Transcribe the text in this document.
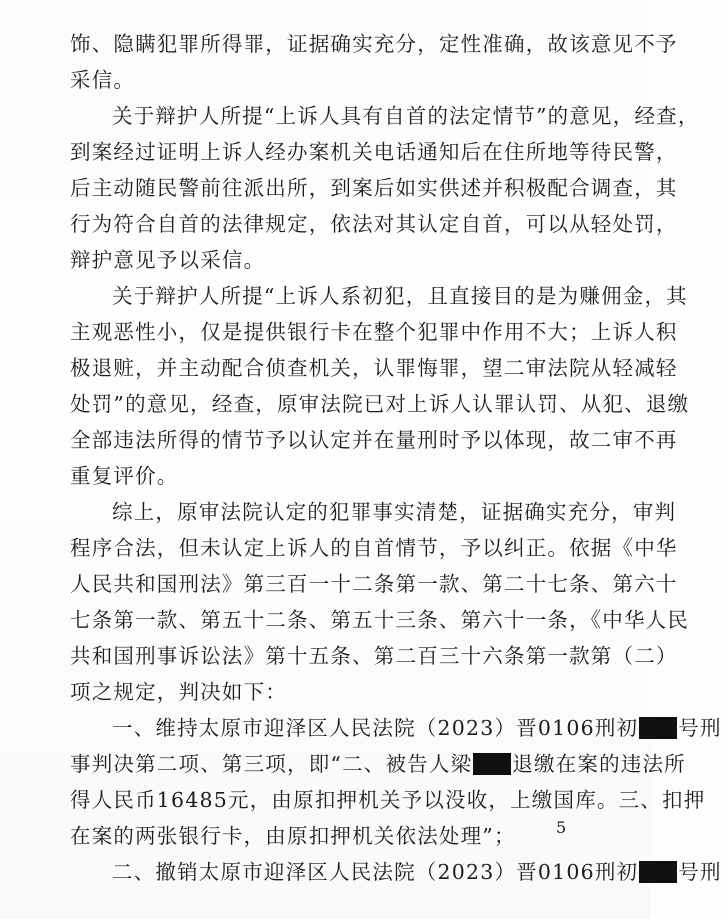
饰、隐瞒犯罪所得罪，证据确实充分，定性准确，故该意见不予
采信。
关于辩护人所提“上诉人具有自首的法定情节”的意见，经查，
到案经过证明上诉人经办案机关电话通知后在住所地等待民警，
后主动随民警前往派出所，到案后如实供述并积极配合调查，其
行为符合自首的法律规定，依法对其认定自首，可以从轻处罚，
辩护意见予以采信。
关于辩护人所提“上诉人系初犯，且直接目的是为赚佣金，其
主观恶性小，仅是提供银行卡在整个犯罪中作用不大；上诉人积
极退赃，并主动配合侦查机关，认罪悔罪，望二审法院从轻减轻
处罚”的意见，经查，原审法院已对上诉人认罪认罚、从犯、退缴
全部违法所得的情节予以认定并在量刑时予以体现，故二审不再
重复评价。
综上，原审法院认定的犯罪事实清楚，证据确实充分，审判
程序合法，但未认定上诉人的自首情节，予以纠正。依据《中华
人民共和国刑法》第三百一十二条第一款、第二十七条、第六十
七条第一款、第五十二条、第五十三条、第六十一条，《中华人民
共和国刑事诉讼法》第十五条、第二百三十六条第一款第（二）
项之规定，判决如下：
一、维持太原市迎泽区人民法院（2023）晋0106刑初 号刑
事判决第二项、第三项，即“二、被告人梁 退缴在案的违法所
得人民币16485元，由原扣押机关予以没收，上缴国库。三、扣押
在案的两张银行卡，由原扣押机关依法处理”；
二、撤销太原市迎泽区人民法院（2023）晋0106刑初 号刑
5
